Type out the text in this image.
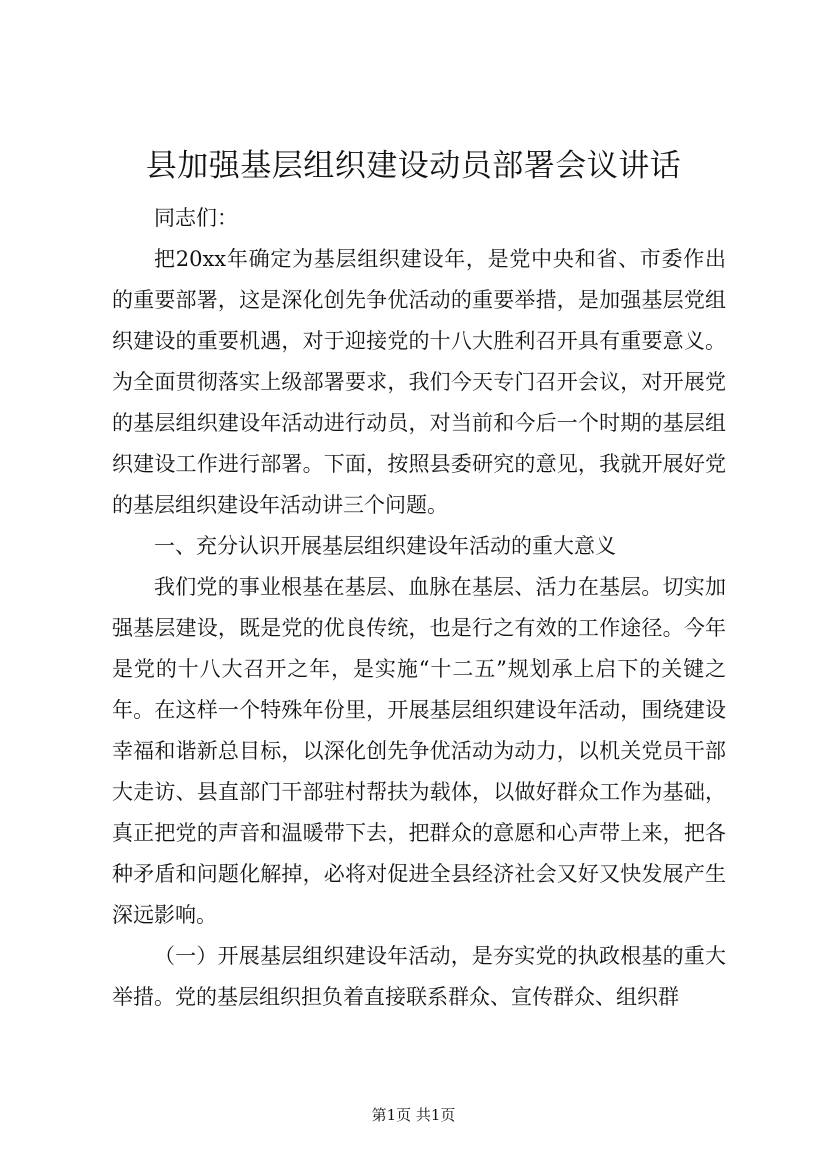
县加强基层组织建设动员部署会议讲话

同志们：

把20xx年确定为基层组织建设年，是党中央和省、市委作出的重要部署，这是深化创先争优活动的重要举措，是加强基层党组织建设的重要机遇，对于迎接党的十八大胜利召开具有重要意义。为全面贯彻落实上级部署要求，我们今天专门召开会议，对开展党的基层组织建设年活动进行动员，对当前和今后一个时期的基层组织建设工作进行部署。下面，按照县委研究的意见，我就开展好党的基层组织建设年活动讲三个问题。

一、充分认识开展基层组织建设年活动的重大意义

我们党的事业根基在基层、血脉在基层、活力在基层。切实加强基层建设，既是党的优良传统，也是行之有效的工作途径。今年是党的十八大召开之年，是实施“十二五”规划承上启下的关键之年。在这样一个特殊年份里，开展基层组织建设年活动，围绕建设幸福和谐新总目标，以深化创先争优活动为动力，以机关党员干部大走访、县直部门干部驻村帮扶为载体，以做好群众工作为基础，真正把党的声音和温暖带下去，把群众的意愿和心声带上来，把各种矛盾和问题化解掉，必将对促进全县经济社会又好又快发展产生深远影响。

（一）开展基层组织建设年活动，是夯实党的执政根基的重大举措。党的基层组织担负着直接联系群众、宣传群众、组织群

第1页 共1页
